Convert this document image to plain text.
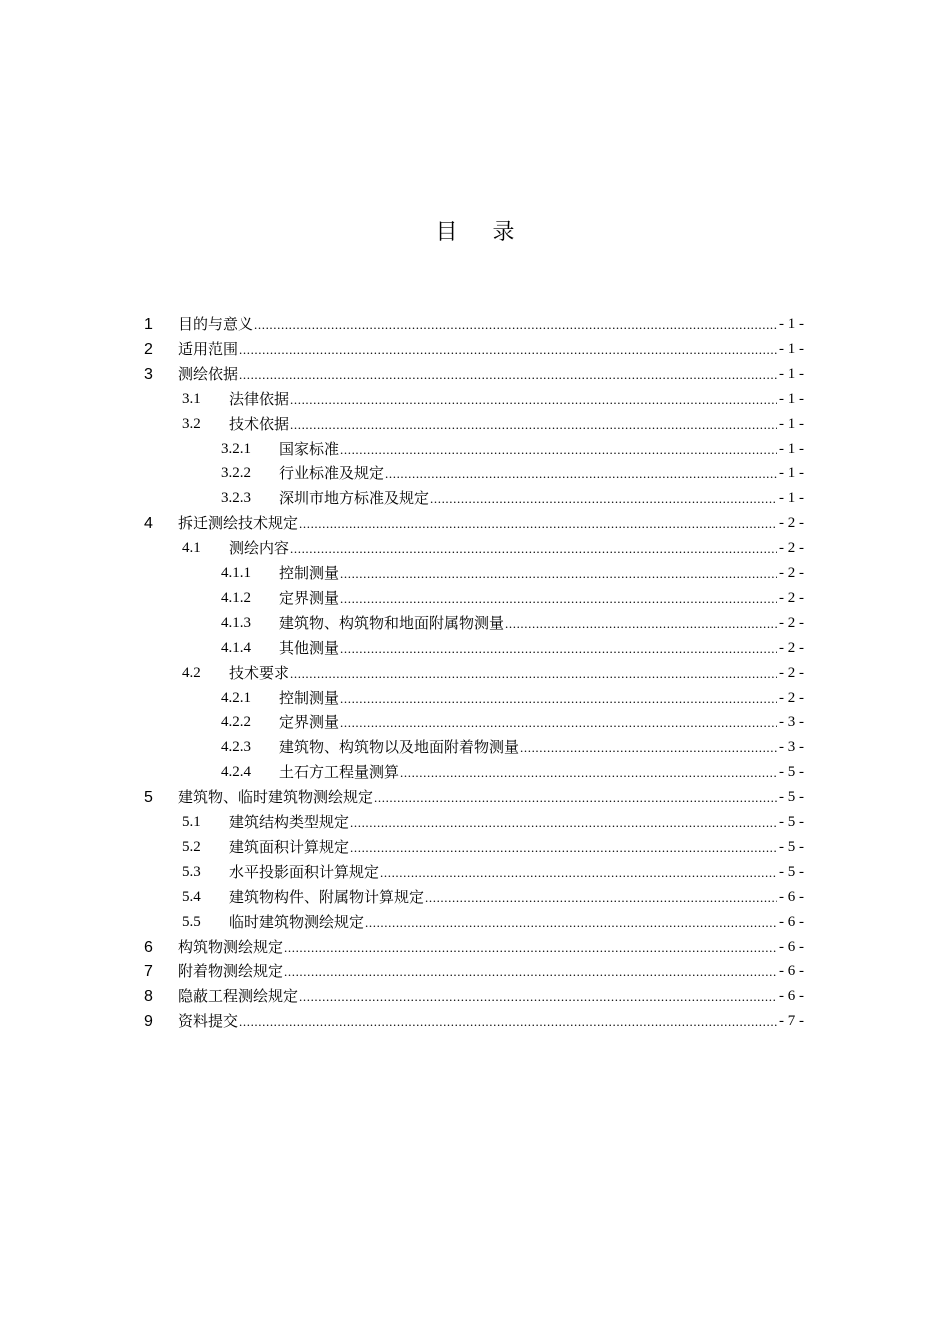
目 录
1 目的与意义 .....	- 1 -
2 适用范围 .....	- 1 -
3 测绘依据 .....	- 1 -
3.1 法律依据 .....	- 1 -
3.2 技术依据 .....	- 1 -
3.2.1 国家标准 .....	- 1 -
3.2.2 行业标准及规定 .....	- 1 -
3.2.3 深圳市地方标准及规定 .....	- 1 -
4 拆迁测绘技术规定 .....	- 2 -
4.1 测绘内容 .....	- 2 -
4.1.1 控制测量 .....	- 2 -
4.1.2 定界测量 .....	- 2 -
4.1.3 建筑物、构筑物和地面附属物测量 .....	- 2 -
4.1.4 其他测量 .....	- 2 -
4.2 技术要求 .....	- 2 -
4.2.1 控制测量 .....	- 2 -
4.2.2 定界测量 .....	- 3 -
4.2.3 建筑物、构筑物以及地面附着物测量 .....	- 3 -
4.2.4 土石方工程量测算 .....	- 5 -
5 建筑物、临时建筑物测绘规定 .....	- 5 -
5.1 建筑结构类型规定 .....	- 5 -
5.2 建筑面积计算规定 .....	- 5 -
5.3 水平投影面积计算规定 .....	- 5 -
5.4 建筑物构件、附属物计算规定 .....	- 6 -
5.5 临时建筑物测绘规定 .....	- 6 -
6 构筑物测绘规定 .....	- 6 -
7 附着物测绘规定 .....	- 6 -
8 隐蔽工程测绘规定 .....	- 6 -
9 资料提交 .....	- 7 -
